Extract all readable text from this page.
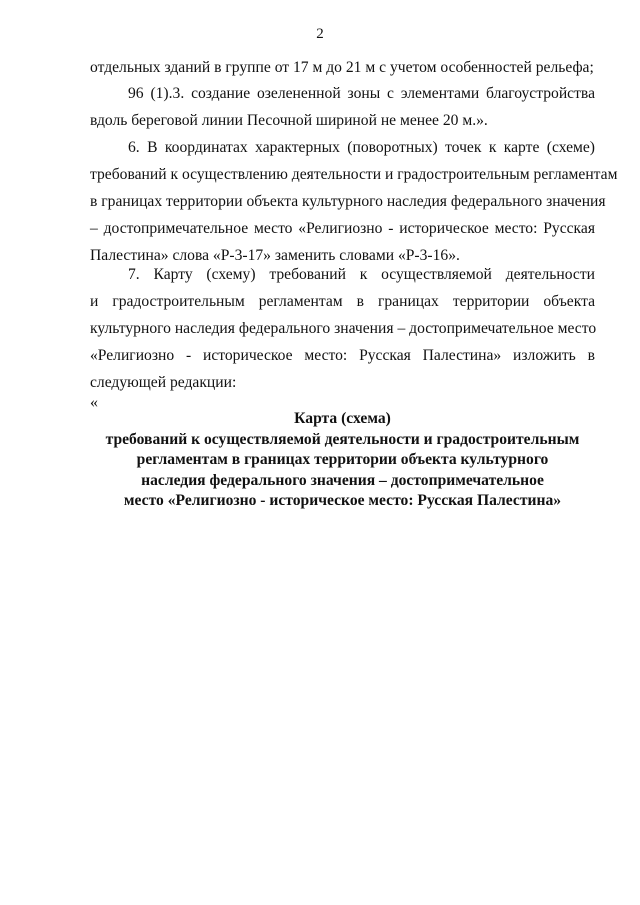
2
отдельных зданий в группе от 17 м до 21 м с учетом особенностей рельефа;
96 (1).3. создание озелененной зоны с элементами благоустройства
вдоль береговой линии Песочной шириной не менее 20 м.».
6. В координатах характерных (поворотных) точек к карте (схеме)
требований к осуществлению деятельности и градостроительным регламентам
в границах территории объекта культурного наследия федерального значения
– достопримечательное место «Религиозно - историческое место: Русская
Палестина» слова «Р-3-17» заменить словами «Р-3-16».
7. Карту (схему) требований к осуществляемой деятельности
и градостроительным регламентам в границах территории объекта
культурного наследия федерального значения – достопримечательное место
«Религиозно - историческое место: Русская Палестина» изложить в
следующей редакции:
«
Карта (схема)
требований к осуществляемой деятельности и градостроительным
регламентам в границах территории объекта культурного
наследия федерального значения – достопримечательное
место «Религиозно - историческое место: Русская Палестина»
